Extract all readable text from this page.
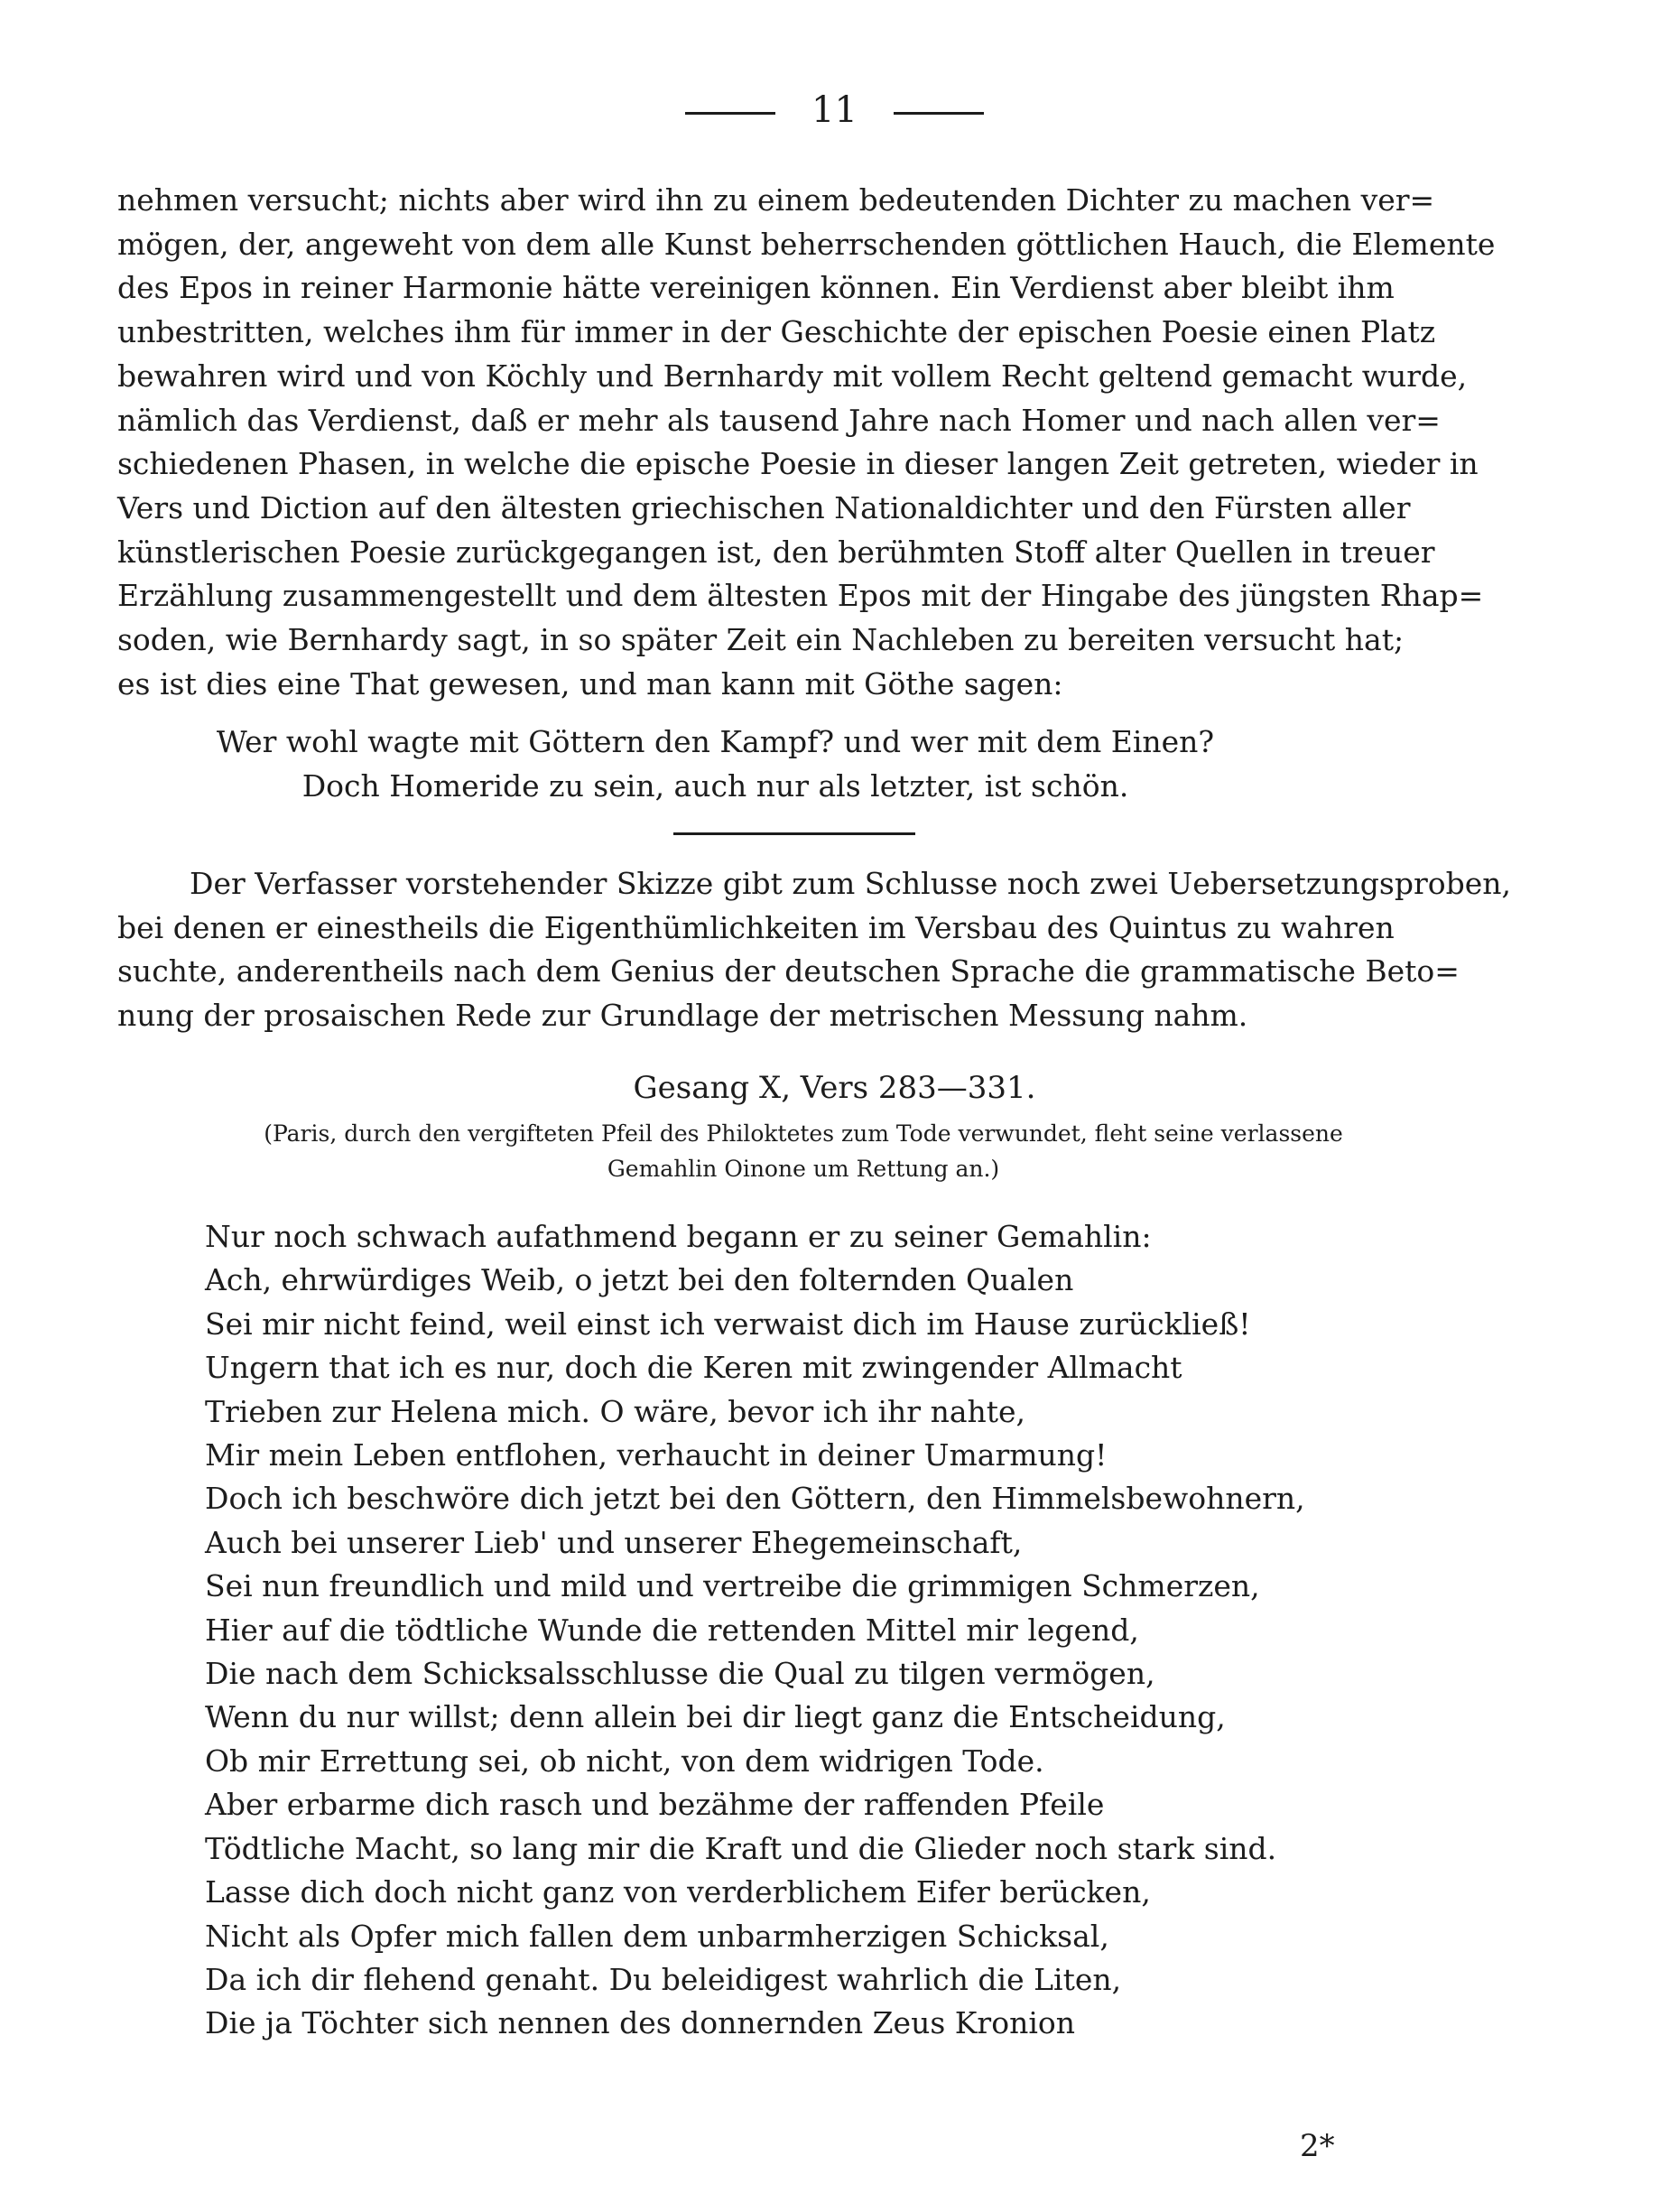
11
nehmen versucht; nichts aber wird ihn zu einem bedeutenden Dichter zu machen ver=
mögen, der, angeweht von dem alle Kunst beherrschenden göttlichen Hauch, die Elemente
des Epos in reiner Harmonie hätte vereinigen können. Ein Verdienst aber bleibt ihm
unbestritten, welches ihm für immer in der Geschichte der epischen Poesie einen Platz
bewahren wird und von Köchly und Bernhardy mit vollem Recht geltend gemacht wurde,
nämlich das Verdienst, daß er mehr als tausend Jahre nach Homer und nach allen ver=
schiedenen Phasen, in welche die epische Poesie in dieser langen Zeit getreten, wieder in
Vers und Diction auf den ältesten griechischen Nationaldichter und den Fürsten aller
künstlerischen Poesie zurückgegangen ist, den berühmten Stoff alter Quellen in treuer
Erzählung zusammengestellt und dem ältesten Epos mit der Hingabe des jüngsten Rhap=
soden, wie Bernhardy sagt, in so später Zeit ein Nachleben zu bereiten versucht hat;
es ist dies eine That gewesen, und man kann mit Göthe sagen:
Wer wohl wagte mit Göttern den Kampf? und wer mit dem Einen?
Doch Homeride zu sein, auch nur als letzter, ist schön.
Der Verfasser vorstehender Skizze gibt zum Schlusse noch zwei Uebersetzungsproben,
bei denen er einestheils die Eigenthümlichkeiten im Versbau des Quintus zu wahren
suchte, anderentheils nach dem Genius der deutschen Sprache die grammatische Beto=
nung der prosaischen Rede zur Grundlage der metrischen Messung nahm.
Gesang X, Vers 283—331.
(Paris, durch den vergifteten Pfeil des Philoktetes zum Tode verwundet, fleht seine verlassene
Gemahlin Oinone um Rettung an.)
Nur noch schwach aufathmend begann er zu seiner Gemahlin:
Ach, ehrwürdiges Weib, o jetzt bei den folternden Qualen
Sei mir nicht feind, weil einst ich verwaist dich im Hause zurückließ!
Ungern that ich es nur, doch die Keren mit zwingender Allmacht
Trieben zur Helena mich. O wäre, bevor ich ihr nahte,
Mir mein Leben entflohen, verhaucht in deiner Umarmung!
Doch ich beschwöre dich jetzt bei den Göttern, den Himmelsbewohnern,
Auch bei unserer Lieb' und unserer Ehegemeinschaft,
Sei nun freundlich und mild und vertreibe die grimmigen Schmerzen,
Hier auf die tödtliche Wunde die rettenden Mittel mir legend,
Die nach dem Schicksalsschlusse die Qual zu tilgen vermögen,
Wenn du nur willst; denn allein bei dir liegt ganz die Entscheidung,
Ob mir Errettung sei, ob nicht, von dem widrigen Tode.
Aber erbarme dich rasch und bezähme der raffenden Pfeile
Tödtliche Macht, so lang mir die Kraft und die Glieder noch stark sind.
Lasse dich doch nicht ganz von verderblichem Eifer berücken,
Nicht als Opfer mich fallen dem unbarmherzigen Schicksal,
Da ich dir flehend genaht. Du beleidigest wahrlich die Liten,
Die ja Töchter sich nennen des donnernden Zeus Kronion
2*
